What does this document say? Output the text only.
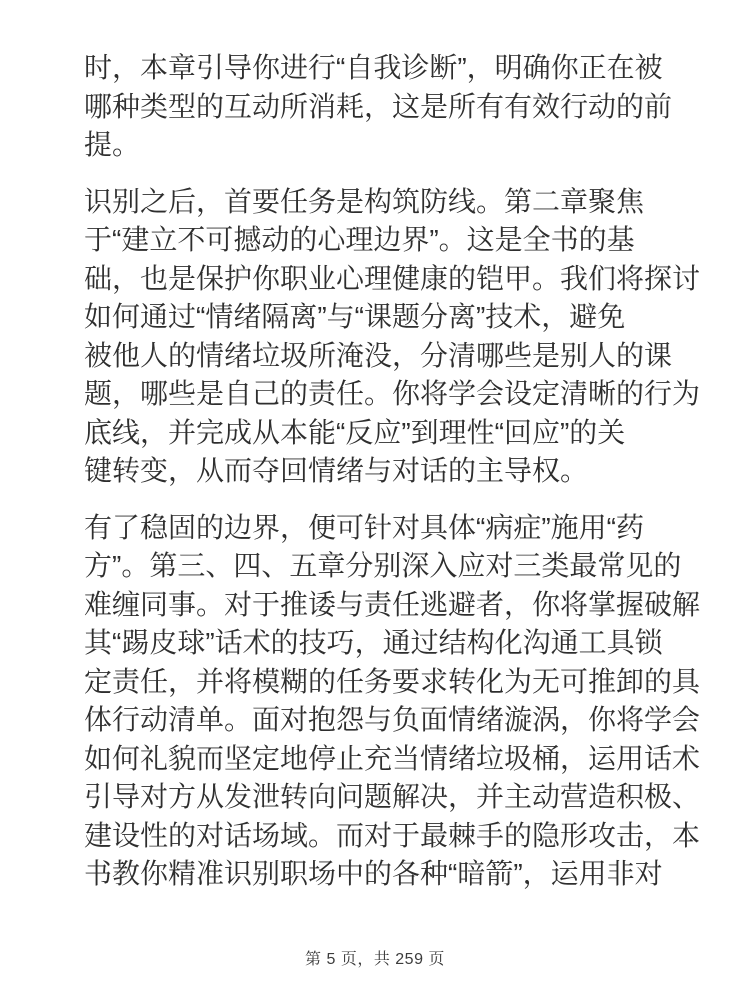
时，本章引导你进行“自我诊断”，明确你正在被
哪种类型的互动所消耗，这是所有有效行动的前
提。

识别之后，首要任务是构筑防线。第二章聚焦
于“建立不可撼动的心理边界”。这是全书的基
础，也是保护你职业心理健康的铠甲。我们将探讨
如何通过“情绪隔离”与“课题分离”技术，避免
被他人的情绪垃圾所淹没，分清哪些是别人的课
题，哪些是自己的责任。你将学会设定清晰的行为
底线，并完成从本能“反应”到理性“回应”的关
键转变，从而夺回情绪与对话的主导权。

有了稳固的边界，便可针对具体“病症”施用“药
方”。第三、四、五章分别深入应对三类最常见的
难缠同事。对于推诿与责任逃避者，你将掌握破解
其“踢皮球”话术的技巧，通过结构化沟通工具锁
定责任，并将模糊的任务要求转化为无可推卸的具
体行动清单。面对抱怨与负面情绪漩涡，你将学会
如何礼貌而坚定地停止充当情绪垃圾桶，运用话术
引导对方从发泄转向问题解决，并主动营造积极、
建设性的对话场域。而对于最棘手的隐形攻击，本
书教你精准识别职场中的各种“暗箭”，运用非对

第 5 页，共 259 页
